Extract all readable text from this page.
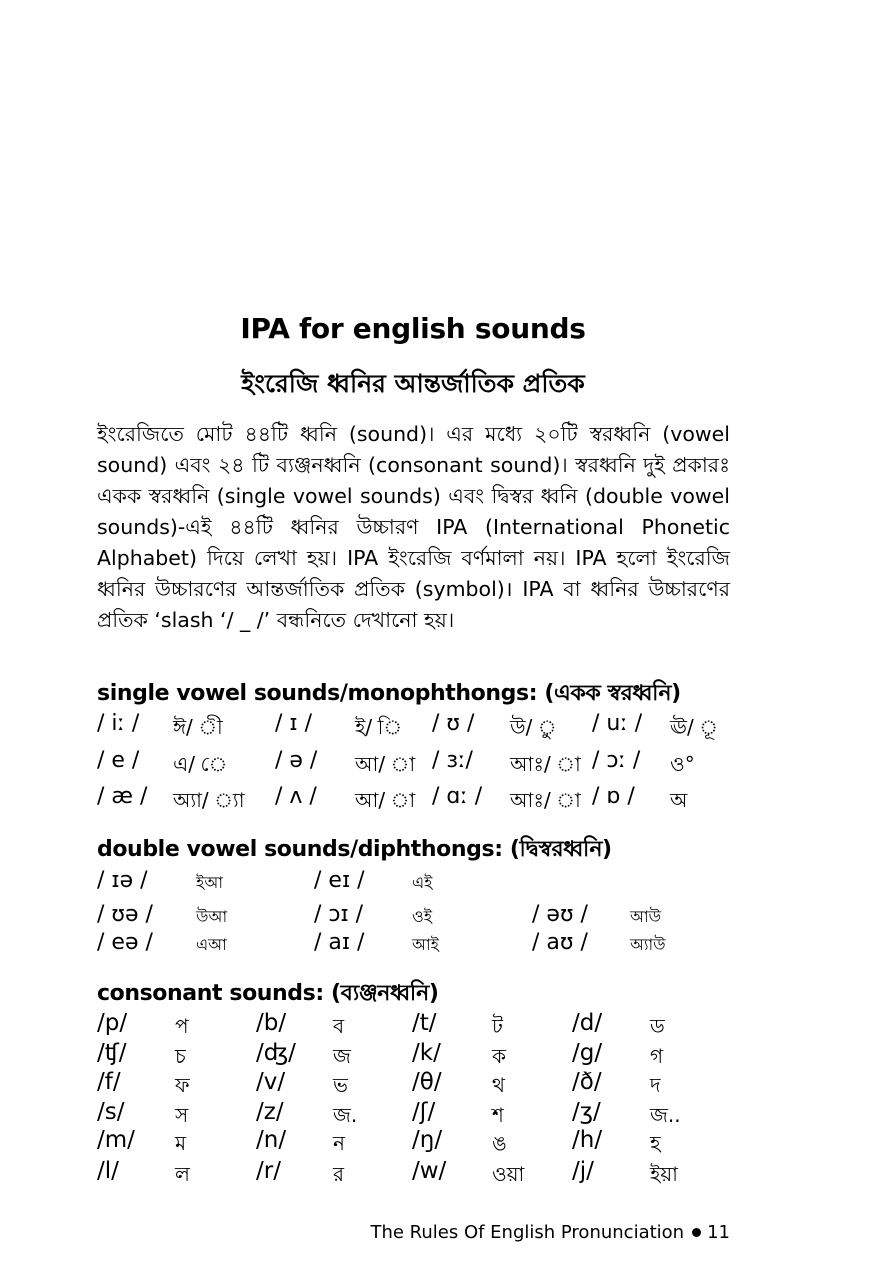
IPA for english sounds
ইংরেজি ধ্বনির আন্তর্জাতিক প্রতিক
ইংরেজিতে মোট ৪৪টি ধ্বনি (sound)। এর মধ্যে ২০টি স্বরধ্বনি (vowel sound) এবং ২৪ টি ব্যঞ্জনধ্বনি (consonant sound)। স্বরধ্বনি দুই প্রকারঃ একক স্বরধ্বনি (single vowel sounds) এবং দ্বিস্বর ধ্বনি (double vowel sounds)-এই ৪৪টি ধ্বনির উচ্চারণ IPA (International Phonetic Alphabet) দিয়ে লেখা হয়। IPA ইংরেজি বর্ণমালা নয়। IPA হলো ইংরেজি ধ্বনির উচ্চারণের আন্তর্জাতিক প্রতিক (symbol)। IPA বা ধ্বনির উচ্চারণের প্রতিক ‘slash ‘/ _ /’ বন্ধনিতে দেখানো হয়।
single vowel sounds/monophthongs: (একক স্বরধ্বনি)
/ iː / ঈ/ ী / ɪ / ই/ ি / ʊ / উ/ ু / uː / ঊ/ ূ
/ e / এ/ ে / ə / আ/ া / ɜː/ আঃ/ া / ɔː / ও°
/ æ / অ্যা/ ্যা / ʌ / আ/ া / ɑː / আঃ/ া / ɒ / অ
double vowel sounds/diphthongs: (দ্বিস্বরধ্বনি)
/ ɪə /	ইআ	/ eɪ /	এই
/ ʊə /	উআ	/ ɔɪ /	ওই	/ əʊ /	আউ
/ eə /	এআ	/ aɪ /	আই	/ aʊ /	অ্যাউ
consonant sounds: (ব্যঞ্জনধ্বনি)
/p/ প	/b/ ব	/t/	ট	/d/ ড
/ʧ/ চ	/ʤ/ জ	/k/	ক	/g/ গ
/f/	ফ	/v/ ভ	/θ/	থ	/ð/ দ
/s/	স	/z/ জ. /ʃ/	শ	/ʒ/ জ..
/m/ ম	/n/ ন	/ŋ/ ঙ	/h/ হ
/l/	ল	/r/	র	/w/ ওয়া /j/	ইয়া
The Rules Of English Pronunciation 11
